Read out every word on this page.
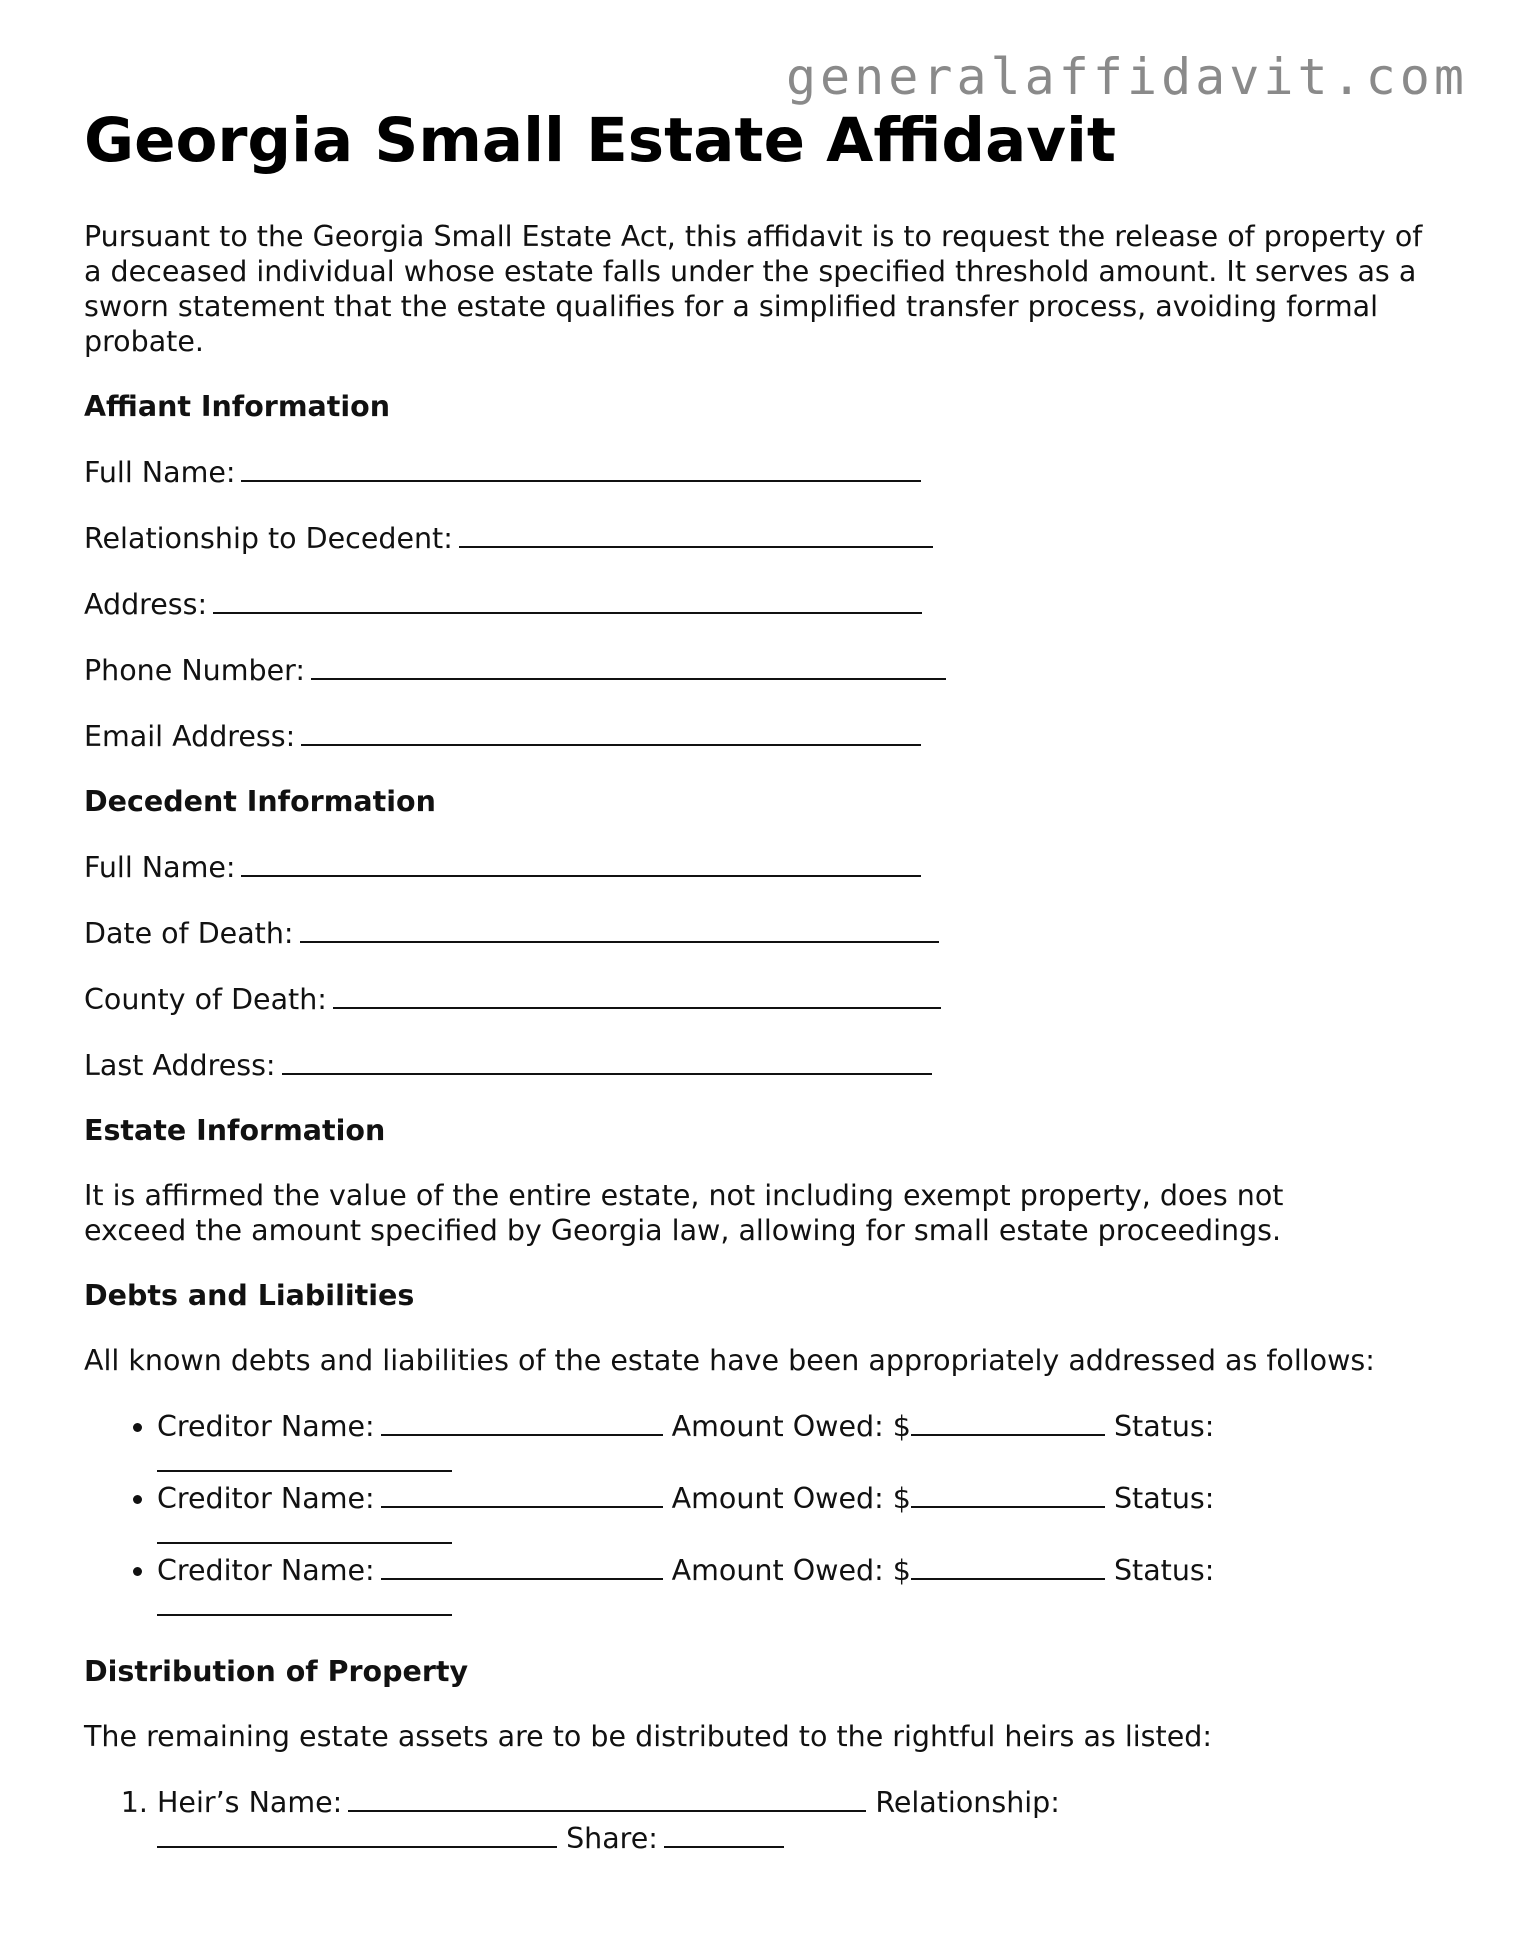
generalaffidavit.com
Georgia Small Estate Affidavit

Pursuant to the Georgia Small Estate Act, this affidavit is to request the release of property of a deceased individual whose estate falls under the specified threshold amount. It serves as a sworn statement that the estate qualifies for a simplified transfer process, avoiding formal probate.

Affiant Information
Full Name:
Relationship to Decedent:
Address:
Phone Number:
Email Address:
Decedent Information
Full Name:
Date of Death:
County of Death:
Last Address:
Estate Information

It is affirmed the value of the entire estate, not including exempt property, does not exceed the amount specified by Georgia law, allowing for small estate proceedings.

Debts and Liabilities

All known debts and liabilities of the estate have been appropriately addressed as follows:

• Creditor Name:	Amount Owed: $	Status:

• Creditor Name:	Amount Owed: $	Status:

• Creditor Name:	Amount Owed: $	Status:

Distribution of Property

The remaining estate assets are to be distributed to the rightful heirs as listed:

1. Heir’s Name:	Relationship:
Share:
